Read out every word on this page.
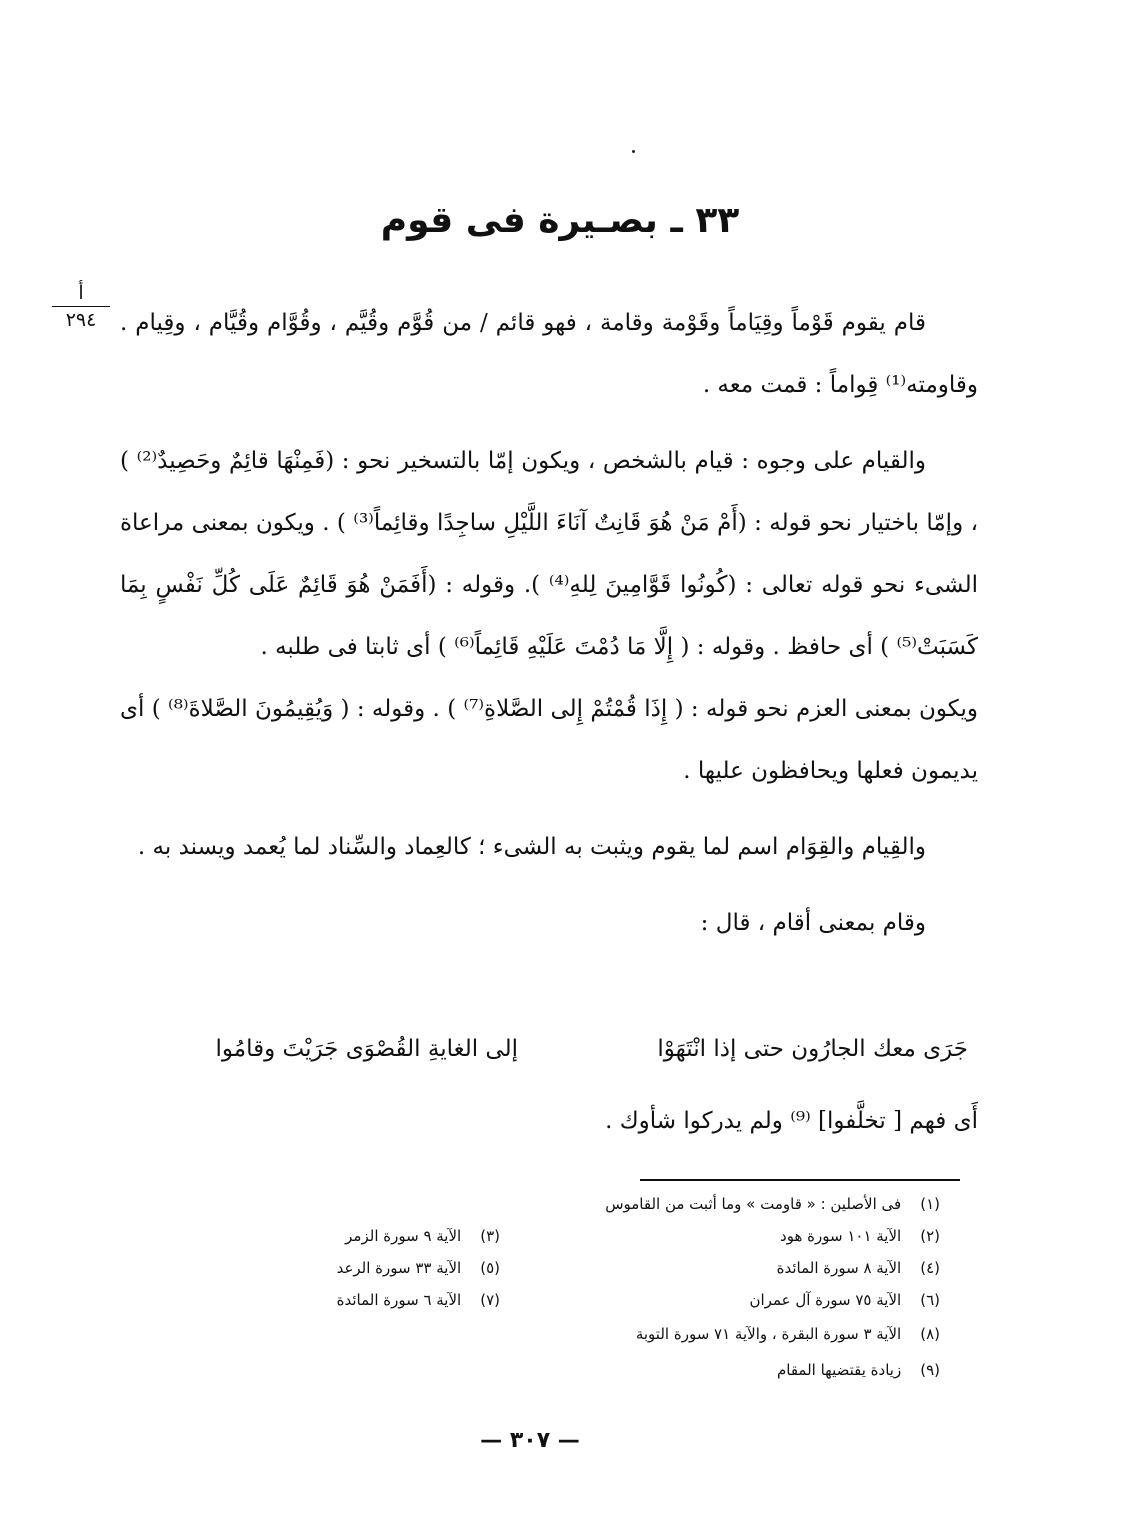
٣٣ ـ بصـيرة فى قوم
أ
٢٩٤	قام يقوم قَوْماً وقِيَاماً وقَوْمة وقامة ، فهو قائم / من قُوَّم وقُيَّم ، وقُوَّام وقُيَّام ، وقِيام . وقاومته⁽¹⁾ قِواماً : قمت معه .

والقيام على وجوه : قيام بالشخص ، ويكون إمّا بالتسخير نحو : (فَمِنْهَا قائِمٌ وحَصِيدٌ⁽²⁾ ) ، وإمّا باختيار نحو قوله : (أَمْ مَنْ هُوَ قَانِتٌ آنَاءَ اللَّيْلِ ساجِدًا وقائِماً⁽³⁾ ) . ويكون بمعنى مراعاة الشىء نحو قوله تعالى : (كُونُوا قَوَّامِينَ لِلهِ⁽⁴⁾ ). وقوله : (أَفَمَنْ هُوَ قَائِمٌ عَلَى كُلِّ نَفْسٍ بِمَا كَسَبَتْ⁽⁵⁾ ) أى حافظ . وقوله : ( إِلَّا مَا دُمْتَ عَلَيْهِ قَائِماً⁽⁶⁾ ) أى ثابتا فى طلبه .

ويكون بمعنى العزم نحو قوله : ( إِذَا قُمْتُمْ إِلى الصَّلاةِ⁽⁷⁾ ) . وقوله : ( وَيُقِيمُونَ الصَّلاةَ⁽⁸⁾ ) أى يديمون فعلها ويحافظون عليها .

والقِيام والقِوَام اسم لما يقوم ويثبت به الشىء ؛ كالعِماد والسِّناد لما يُعمد ويسند به .

وقام بمعنى أقام ، قال :

جَرَى معك الجارُون حتى إذا انْتَهَوْا
إلى الغايةِ القُصْوَى جَرَيْتَ وقامُوا
أَى فهم [ تخلَّفوا] ⁽⁹⁾ ولم يدركوا شأوك .
(١) فى الأصلين : « قاومت » وما أثبت من القاموس
(٢) الآية ١٠١ سورة هود
(٣) الآية ٩ سورة الزمر
(٤) الآية ٨ سورة المائدة
(٥) الآية ٣٣ سورة الرعد
(٦) الآية ٧٥ سورة آل عمران
(٧) الآية ٦ سورة المائدة
(٨) الآية ٣ سورة البقرة ، والآية ٧١ سورة التوبة
(٩) زيادة يقتضيها المقام
— ٣٠٧ —
